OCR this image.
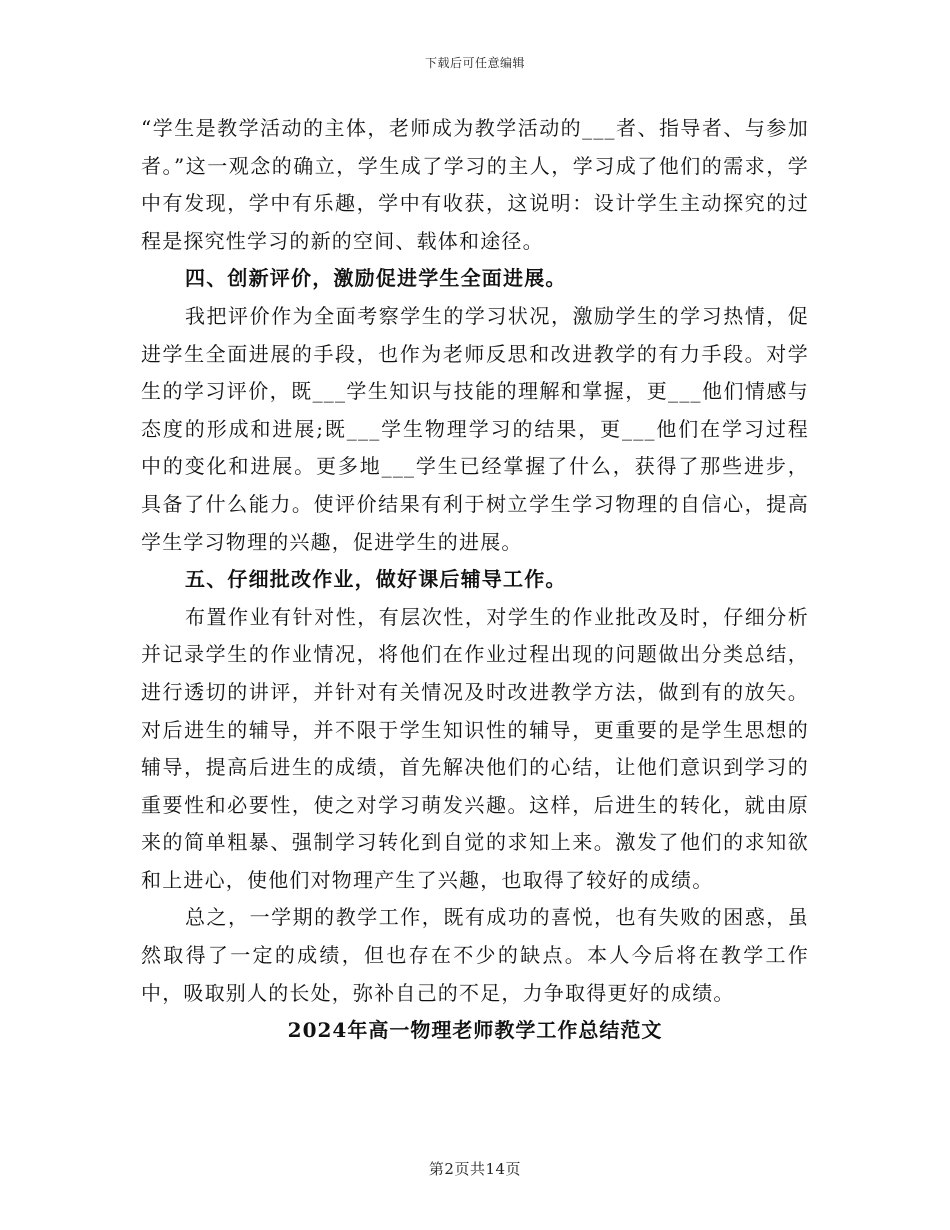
下载后可任意编辑

“学生是教学活动的主体，老师成为教学活动的___者、指导者、与参加者。”这一观念的确立，学生成了学习的主人，学习成了他们的需求，学中有发现，学中有乐趣，学中有收获，这说明：设计学生主动探究的过程是探究性学习的新的空间、载体和途径。

四、创新评价，激励促进学生全面进展。

我把评价作为全面考察学生的学习状况，激励学生的学习热情，促进学生全面进展的手段，也作为老师反思和改进教学的有力手段。对学生的学习评价，既___学生知识与技能的理解和掌握，更___他们情感与态度的形成和进展;既___学生物理学习的结果，更___他们在学习过程中的变化和进展。更多地___学生已经掌握了什么，获得了那些进步，具备了什么能力。使评价结果有利于树立学生学习物理的自信心，提高学生学习物理的兴趣，促进学生的进展。

五、仔细批改作业，做好课后辅导工作。

布置作业有针对性，有层次性，对学生的作业批改及时，仔细分析并记录学生的作业情况，将他们在作业过程出现的问题做出分类总结，进行透切的讲评，并针对有关情况及时改进教学方法，做到有的放矢。对后进生的辅导，并不限于学生知识性的辅导，更重要的是学生思想的辅导，提高后进生的成绩，首先解决他们的心结，让他们意识到学习的重要性和必要性，使之对学习萌发兴趣。这样，后进生的转化，就由原来的简单粗暴、强制学习转化到自觉的求知上来。激发了他们的求知欲和上进心，使他们对物理产生了兴趣，也取得了较好的成绩。

总之，一学期的教学工作，既有成功的喜悦，也有失败的困惑，虽然取得了一定的成绩，但也存在不少的缺点。本人今后将在教学工作中，吸取别人的长处，弥补自己的不足，力争取得更好的成绩。

2024年高一物理老师教学工作总结范文

第2页共14页
